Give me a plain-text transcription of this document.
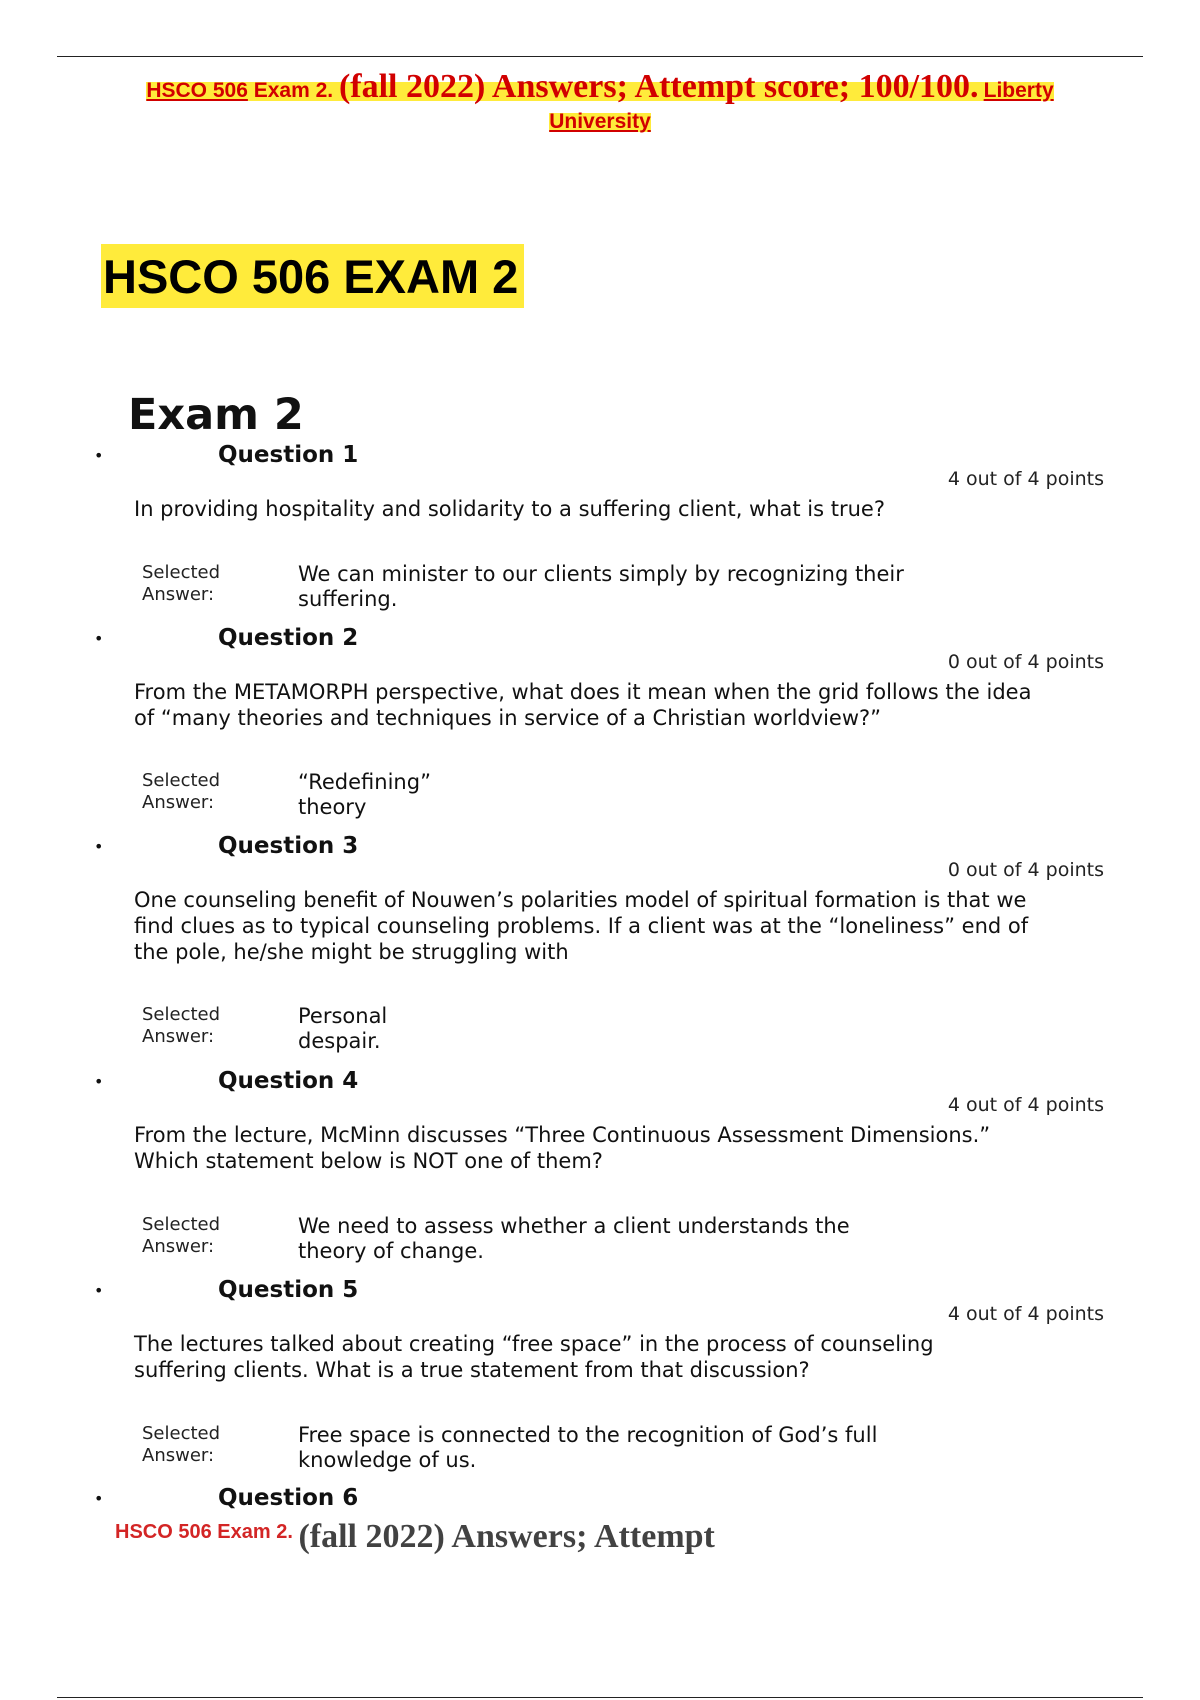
HSCO 506 Exam 2. (fall 2022) Answers; Attempt score; 100/100. Liberty
University
HSCO 506 EXAM 2
Exam 2
•	Question 1
4 out of 4 points

In providing hospitality and solidarity to a suffering client, what is true?

Selected
Answer:
We can minister to our clients simply by recognizing their suffering.
•	Question 2
0 out of 4 points

From the METAMORPH perspective, what does it mean when the grid follows the idea of “many theories and techniques in service of a Christian worldview?”

Selected
Answer:
“Redefining” theory
•	Question 3
0 out of 4 points

One counseling benefit of Nouwen’s polarities model of spiritual formation is that we find clues as to typical counseling problems. If a client was at the “loneliness” end of the pole, he/she might be struggling with

Selected
Answer:
Personal despair.
•	Question 4
4 out of 4 points

From the lecture, McMinn discusses “Three Continuous Assessment Dimensions.” Which statement below is NOT one of them?

Selected
Answer:
We need to assess whether a client understands the theory of change.
•	Question 5
4 out of 4 points

The lectures talked about creating “free space” in the process of counseling suffering clients. What is a true statement from that discussion?

Selected
Answer:
Free space is connected to the recognition of God’s full knowledge of us.
•	Question 6
HSCO 506 Exam 2. (fall 2022) Answers; Attempt
